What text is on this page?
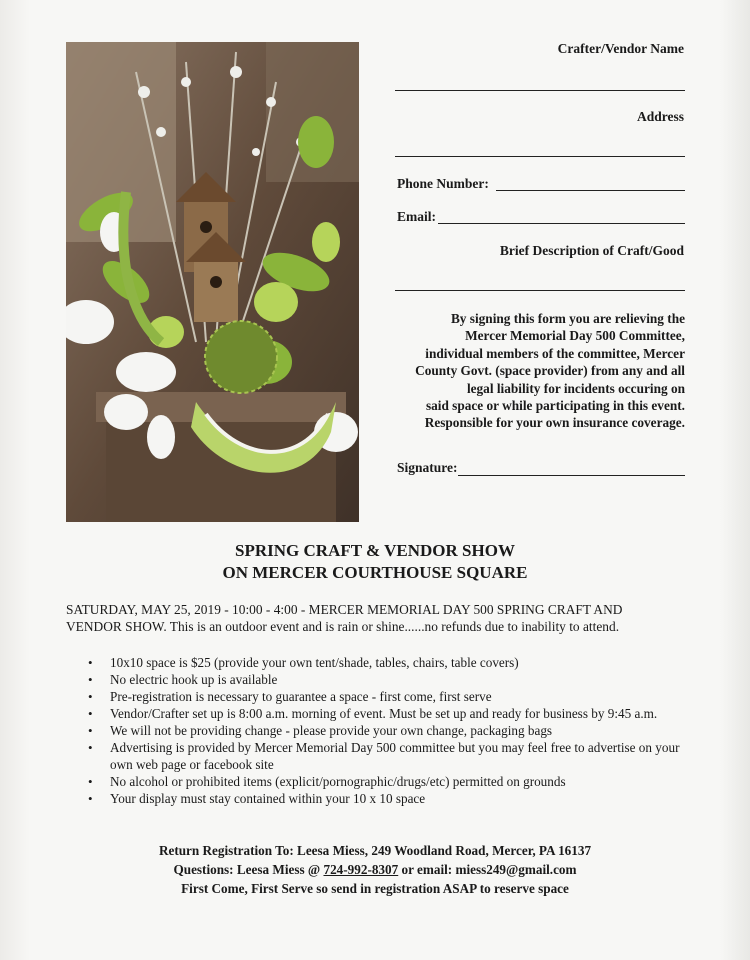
Crafter/Vendor Name
Address
Phone Number:
Email:
Brief Description of Craft/Good
By signing this form you are relieving the
Mercer Memorial Day 500 Committee,
individual members of the committee, Mercer
County Govt. (space provider) from any and all
legal liability for incidents occuring on
said space or while participating in this event.
Responsible for your own insurance coverage.
Signature:
SPRING CRAFT & VENDOR SHOW
ON MERCER COURTHOUSE SQUARE
SATURDAY, MAY 25, 2019 - 10:00 - 4:00 - MERCER MEMORIAL DAY 500 SPRING CRAFT AND
VENDOR SHOW. This is an outdoor event and is rain or shine......no refunds due to inability to attend.
• 10x10 space is $25 (provide your own tent/shade, tables, chairs, table covers)
• No electric hook up is available
• Pre-registration is necessary to guarantee a space - first come, first serve
• Vendor/Crafter set up is 8:00 a.m. morning of event. Must be set up and ready for business by 9:45 a.m.
• We will not be providing change - please provide your own change, packaging bags
• Advertising is provided by Mercer Memorial Day 500 committee but you may feel free to advertise on your own web page or facebook site
• No alcohol or prohibited items (explicit/pornographic/drugs/etc) permitted on grounds
• Your display must stay contained within your 10 x 10 space
Return Registration To: Leesa Miess, 249 Woodland Road, Mercer, PA 16137
Questions: Leesa Miess @ 724-992-8307 or email: miess249@gmail.com
First Come, First Serve so send in registration ASAP to reserve space
